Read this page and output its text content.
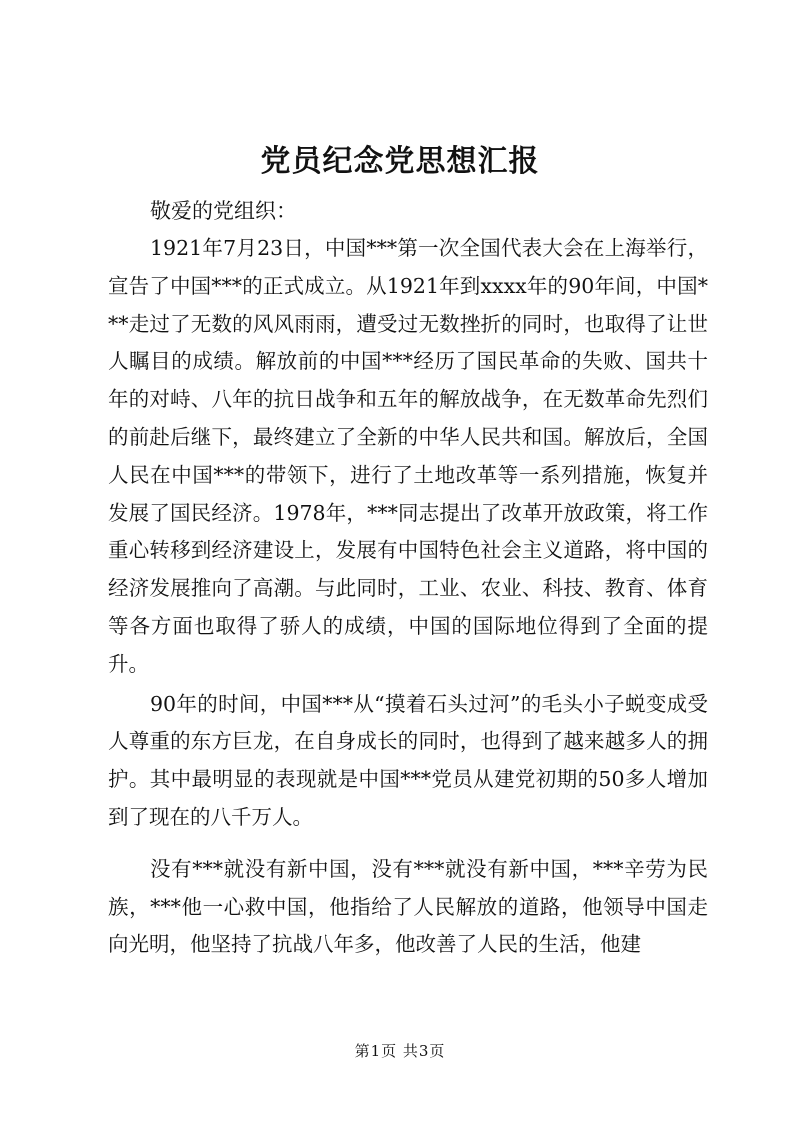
党员纪念党思想汇报

敬爱的党组织：

1921年7月23日，中国***第一次全国代表大会在上海举行，宣告了中国***的正式成立。从1921年到xxxx年的90年间，中国***走过了无数的风风雨雨，遭受过无数挫折的同时，也取得了让世人瞩目的成绩。解放前的中国***经历了国民革命的失败、国共十年的对峙、八年的抗日战争和五年的解放战争，在无数革命先烈们的前赴后继下，最终建立了全新的中华人民共和国。解放后，全国人民在中国***的带领下，进行了土地改革等一系列措施，恢复并发展了国民经济。1978年，***同志提出了改革开放政策，将工作重心转移到经济建设上，发展有中国特色社会主义道路，将中国的经济发展推向了高潮。与此同时，工业、农业、科技、教育、体育等各方面也取得了骄人的成绩，中国的国际地位得到了全面的提升。

90年的时间，中国***从“摸着石头过河”的毛头小子蜕变成受人尊重的东方巨龙，在自身成长的同时，也得到了越来越多人的拥护。其中最明显的表现就是中国***党员从建党初期的50多人增加到了现在的八千万人。

没有***就没有新中国，没有***就没有新中国，***辛劳为民族，***他一心救中国，他指给了人民解放的道路，他领导中国走向光明，他坚持了抗战八年多，他改善了人民的生活，他建

第1页 共3页
